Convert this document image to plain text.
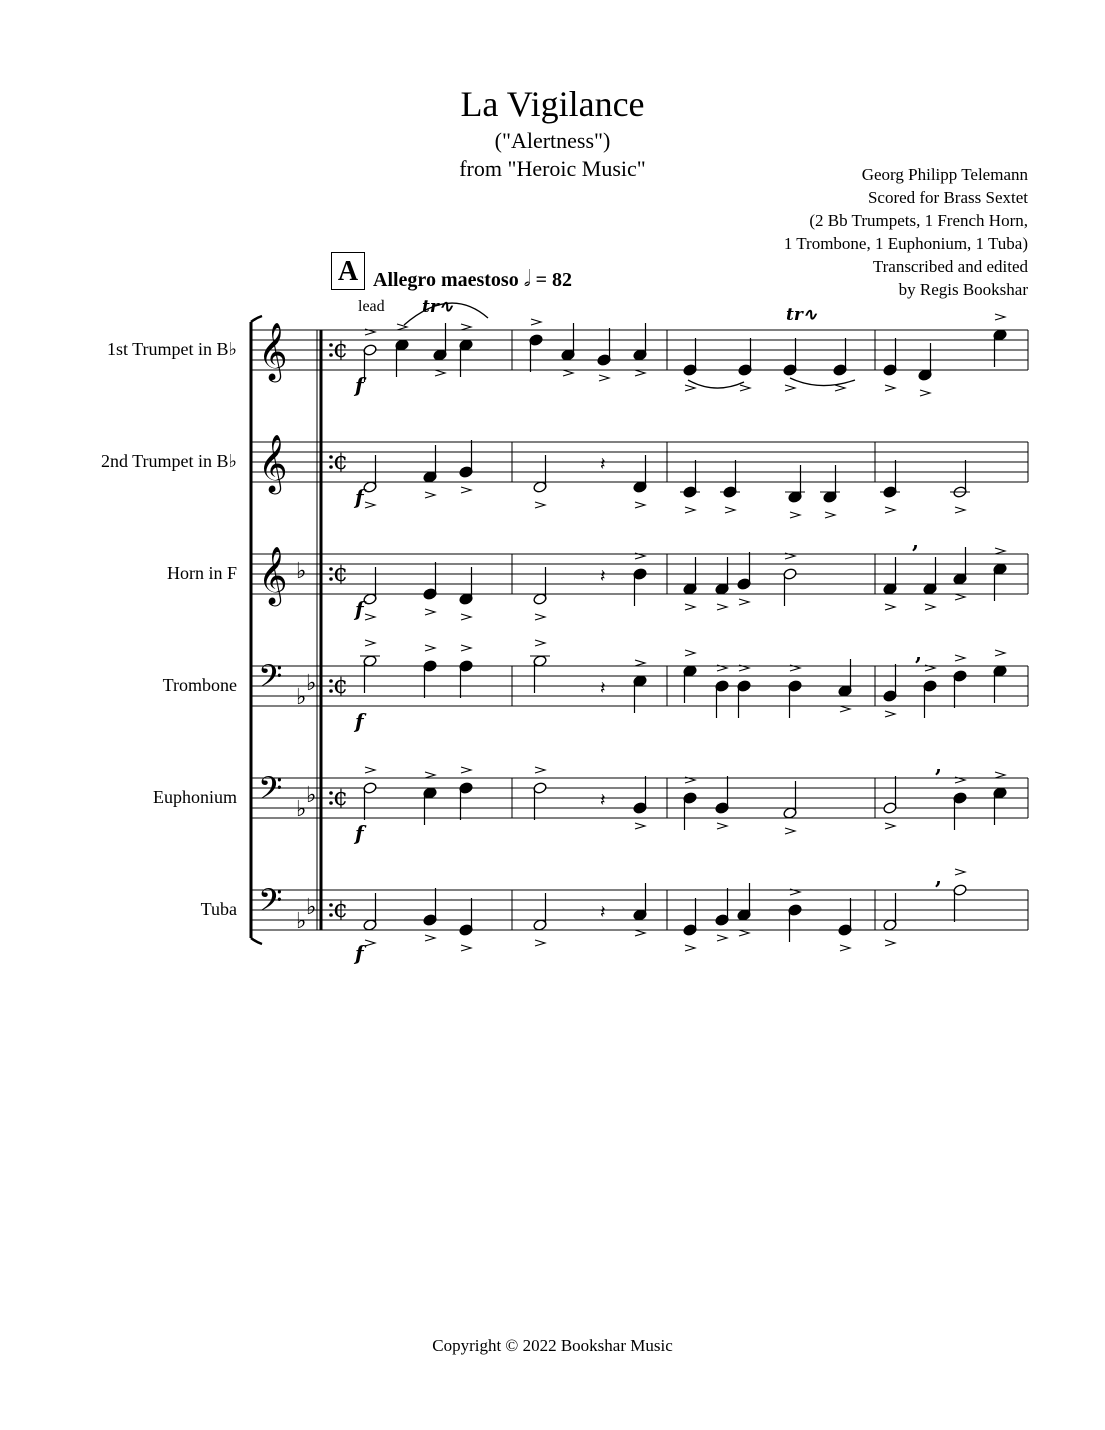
La Vigilance
("Alertness")
from "Heroic Music"	Georg Philipp Telemann
Scored for Brass Sextet
(2 Bb Trumpets, 1 French Horn,
1 Trombone, 1 Euphonium, 1 Tuba)
Transcribed and edited
by Regis Bookshar
A Allegro maestoso 𝅗𝅥 = 82
lead
1st Trumpet in B♭
2nd Trumpet in B♭
Horn in F
Trombone
Euphonium
Tuba
𝄞 ¢
𝄞 ¢
𝄞 ♭ ¢
𝄢 ♭
♭ ¢
𝄢 ♭
♭ ¢
𝄢 ♭
♭ ¢
f
𝄽
f
𝄽
f
𝄽
f
𝄽
f
𝄽
f
tr∿	tr∿
,
,
,
,
Copyright © 2022 Bookshar Music
